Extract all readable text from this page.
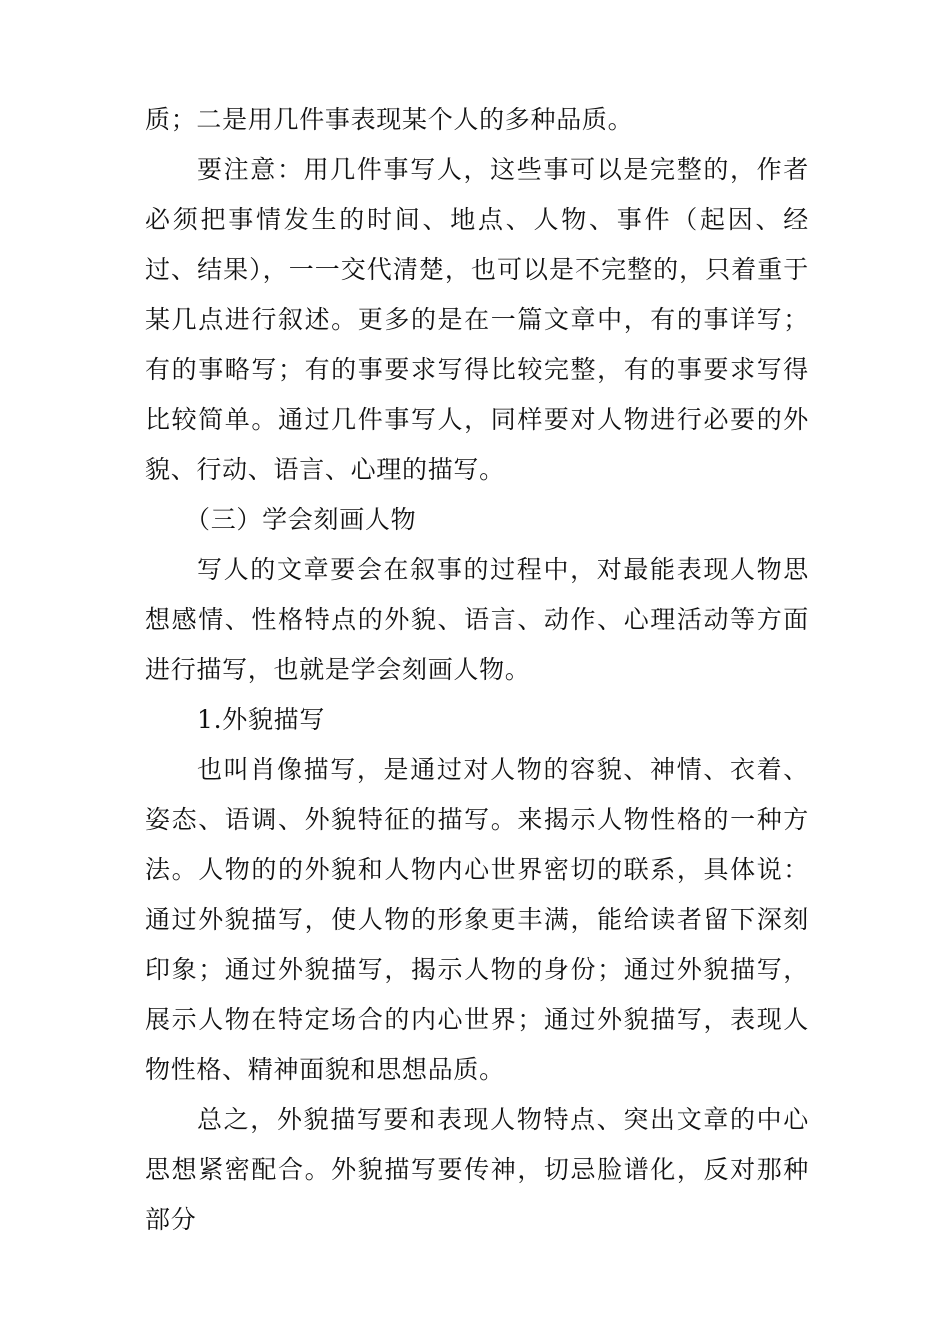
质；二是用几件事表现某个人的多种品质。

要注意：用几件事写人，这些事可以是完整的，作者必须把事情发生的时间、地点、人物、事件（起因、经过、结果），一一交代清楚，也可以是不完整的，只着重于某几点进行叙述。更多的是在一篇文章中，有的事详写；有的事略写；有的事要求写得比较完整，有的事要求写得比较简单。通过几件事写人，同样要对人物进行必要的外貌、行动、语言、心理的描写。

（三）学会刻画人物

写人的文章要会在叙事的过程中，对最能表现人物思想感情、性格特点的外貌、语言、动作、心理活动等方面进行描写，也就是学会刻画人物。

1.外貌描写

也叫肖像描写，是通过对人物的容貌、神情、衣着、姿态、语调、外貌特征的描写。来揭示人物性格的一种方法。人物的的外貌和人物内心世界密切的联系，具体说：通过外貌描写，使人物的形象更丰满，能给读者留下深刻印象；通过外貌描写，揭示人物的身份；通过外貌描写，展示人物在特定场合的内心世界；通过外貌描写，表现人物性格、精神面貌和思想品质。

总之，外貌描写要和表现人物特点、突出文章的中心思想紧密配合。外貌描写要传神，切忌脸谱化，反对那种部分
